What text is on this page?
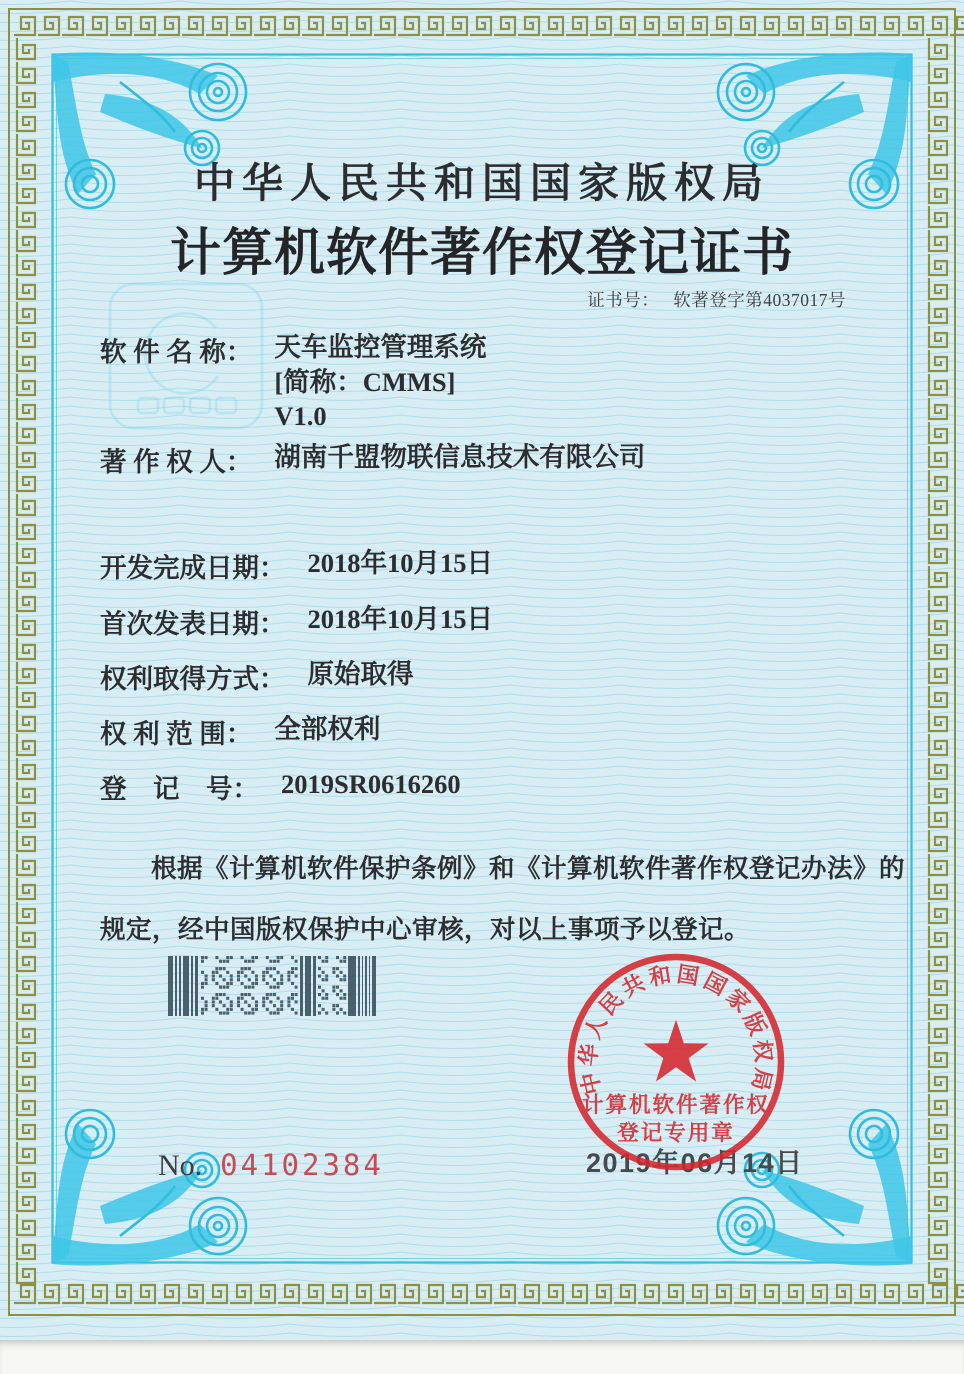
中华人民共和国国家版权局
计算机软件著作权登记证书
证书号： 软著登字第4037017号
软 件 名 称： 天车监控管理系统
[简称：CMMS]
V1.0
著 作 权 人： 湖南千盟物联信息技术有限公司
开发完成日期： 2018年10月15日
首次发表日期： 2018年10月15日
权利取得方式： 原始取得
权 利 范 围： 全部权利
登　记　号： 2019SR0616260
根据《计算机软件保护条例》和《计算机软件著作权登记办法》的规定，经中国版权保护中心审核，对以上事项予以登记。
No. 04102384	2019年06月14日
中华人民共和国国家版权局
计算机软件著作权
登记专用章
